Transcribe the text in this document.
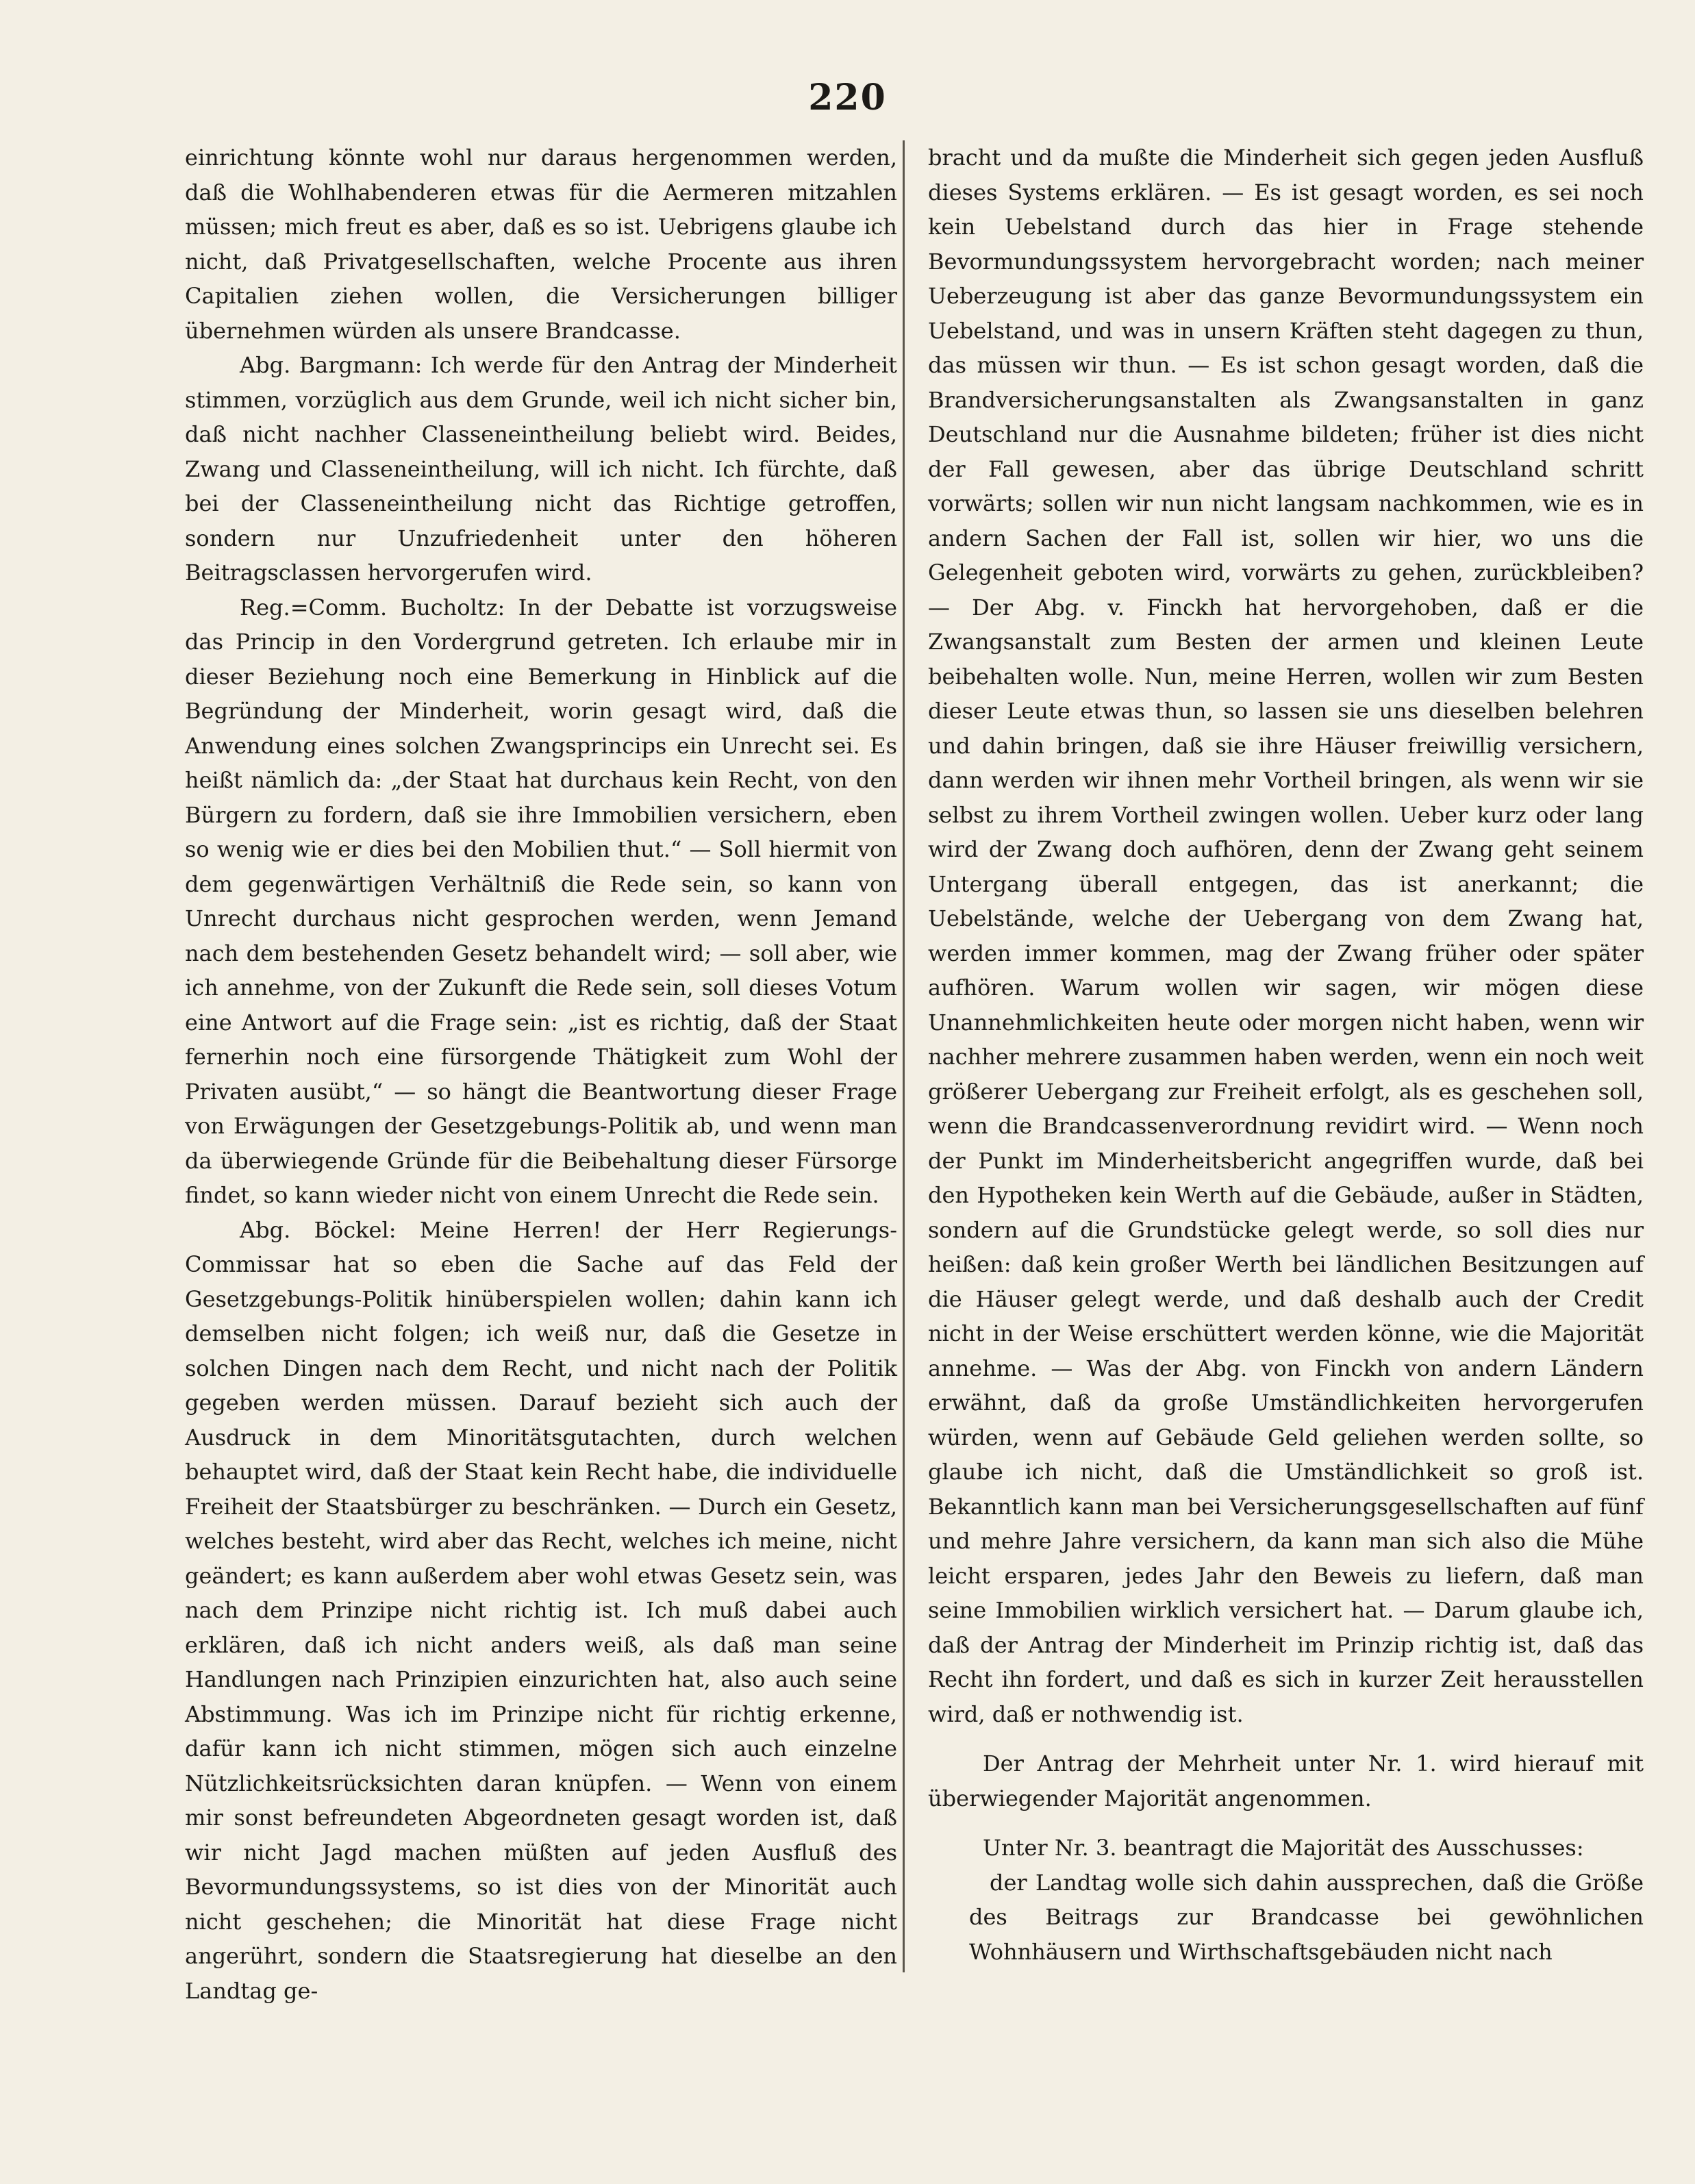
220

einrichtung könnte wohl nur daraus hergenommen werden, daß die Wohlhabenderen etwas für die Aermeren mitzahlen müssen; mich freut es aber, daß es so ist. Uebrigens glaube ich nicht, daß Privatgesellschaften, welche Procente aus ihren Capitalien ziehen wollen, die Versicherungen billiger übernehmen würden als unsere Brandcasse.

Abg. Bargmann: Ich werde für den Antrag der Minderheit stimmen, vorzüglich aus dem Grunde, weil ich nicht sicher bin, daß nicht nachher Classeneintheilung beliebt wird. Beides, Zwang und Classeneintheilung, will ich nicht. Ich fürchte, daß bei der Classeneintheilung nicht das Richtige getroffen, sondern nur Unzufriedenheit unter den höheren Beitragsclassen hervorgerufen wird.

Reg.=Comm. Bucholtz: In der Debatte ist vorzugsweise das Princip in den Vordergrund getreten. Ich erlaube mir in dieser Beziehung noch eine Bemerkung in Hinblick auf die Begründung der Minderheit, worin gesagt wird, daß die Anwendung eines solchen Zwangsprincips ein Unrecht sei. Es heißt nämlich da: „der Staat hat durchaus kein Recht, von den Bürgern zu fordern, daß sie ihre Immobilien versichern, eben so wenig wie er dies bei den Mobilien thut.“ — Soll hiermit von dem gegenwärtigen Verhältniß die Rede sein, so kann von Unrecht durchaus nicht gesprochen werden, wenn Jemand nach dem bestehenden Gesetz behandelt wird; — soll aber, wie ich annehme, von der Zukunft die Rede sein, soll dieses Votum eine Antwort auf die Frage sein: „ist es richtig, daß der Staat fernerhin noch eine fürsorgende Thätigkeit zum Wohl der Privaten ausübt,“ — so hängt die Beantwortung dieser Frage von Erwägungen der Gesetzgebungs-Politik ab, und wenn man da überwiegende Gründe für die Beibehaltung dieser Fürsorge findet, so kann wieder nicht von einem Unrecht die Rede sein.

Abg. Böckel: Meine Herren! der Herr Regierungs-Commissar hat so eben die Sache auf das Feld der Gesetzgebungs-Politik hinüberspielen wollen; dahin kann ich demselben nicht folgen; ich weiß nur, daß die Gesetze in solchen Dingen nach dem Recht, und nicht nach der Politik gegeben werden müssen. Darauf bezieht sich auch der Ausdruck in dem Minoritätsgutachten, durch welchen behauptet wird, daß der Staat kein Recht habe, die individuelle Freiheit der Staatsbürger zu beschränken. — Durch ein Gesetz, welches besteht, wird aber das Recht, welches ich meine, nicht geändert; es kann außerdem aber wohl etwas Gesetz sein, was nach dem Prinzipe nicht richtig ist. Ich muß dabei auch erklären, daß ich nicht anders weiß, als daß man seine Handlungen nach Prinzipien einzurichten hat, also auch seine Abstimmung. Was ich im Prinzipe nicht für richtig erkenne, dafür kann ich nicht stimmen, mögen sich auch einzelne Nützlichkeitsrücksichten daran knüpfen. — Wenn von einem mir sonst befreundeten Abgeordneten gesagt worden ist, daß wir nicht Jagd machen müßten auf jeden Ausfluß des Bevormundungssystems, so ist dies von der Minorität auch nicht geschehen; die Minorität hat diese Frage nicht angerührt, sondern die Staatsregierung hat dieselbe an den Landtag ge-

bracht und da mußte die Minderheit sich gegen jeden Ausfluß dieses Systems erklären. — Es ist gesagt worden, es sei noch kein Uebelstand durch das hier in Frage stehende Bevormundungssystem hervorgebracht worden; nach meiner Ueberzeugung ist aber das ganze Bevormundungssystem ein Uebelstand, und was in unsern Kräften steht dagegen zu thun, das müssen wir thun. — Es ist schon gesagt worden, daß die Brandversicherungsanstalten als Zwangsanstalten in ganz Deutschland nur die Ausnahme bildeten; früher ist dies nicht der Fall gewesen, aber das übrige Deutschland schritt vorwärts; sollen wir nun nicht langsam nachkommen, wie es in andern Sachen der Fall ist, sollen wir hier, wo uns die Gelegenheit geboten wird, vorwärts zu gehen, zurückbleiben? — Der Abg. v. Finckh hat hervorgehoben, daß er die Zwangsanstalt zum Besten der armen und kleinen Leute beibehalten wolle. Nun, meine Herren, wollen wir zum Besten dieser Leute etwas thun, so lassen sie uns dieselben belehren und dahin bringen, daß sie ihre Häuser freiwillig versichern, dann werden wir ihnen mehr Vortheil bringen, als wenn wir sie selbst zu ihrem Vortheil zwingen wollen. Ueber kurz oder lang wird der Zwang doch aufhören, denn der Zwang geht seinem Untergang überall entgegen, das ist anerkannt; die Uebelstände, welche der Uebergang von dem Zwang hat, werden immer kommen, mag der Zwang früher oder später aufhören. Warum wollen wir sagen, wir mögen diese Unannehmlichkeiten heute oder morgen nicht haben, wenn wir nachher mehrere zusammen haben werden, wenn ein noch weit größerer Uebergang zur Freiheit erfolgt, als es geschehen soll, wenn die Brandcassenverordnung revidirt wird. — Wenn noch der Punkt im Minderheitsbericht angegriffen wurde, daß bei den Hypotheken kein Werth auf die Gebäude, außer in Städten, sondern auf die Grundstücke gelegt werde, so soll dies nur heißen: daß kein großer Werth bei ländlichen Besitzungen auf die Häuser gelegt werde, und daß deshalb auch der Credit nicht in der Weise erschüttert werden könne, wie die Majorität annehme. — Was der Abg. von Finckh von andern Ländern erwähnt, daß da große Umständlichkeiten hervorgerufen würden, wenn auf Gebäude Geld geliehen werden sollte, so glaube ich nicht, daß die Umständlichkeit so groß ist. Bekanntlich kann man bei Versicherungsgesellschaften auf fünf und mehre Jahre versichern, da kann man sich also die Mühe leicht ersparen, jedes Jahr den Beweis zu liefern, daß man seine Immobilien wirklich versichert hat. — Darum glaube ich, daß der Antrag der Minderheit im Prinzip richtig ist, daß das Recht ihn fordert, und daß es sich in kurzer Zeit herausstellen wird, daß er nothwendig ist.

Der Antrag der Mehrheit unter Nr. 1. wird hierauf mit überwiegender Majorität angenommen.

Unter Nr. 3. beantragt die Majorität des Ausschusses:

der Landtag wolle sich dahin aussprechen, daß die Größe des Beitrags zur Brandcasse bei gewöhnlichen Wohnhäusern und Wirthschaftsgebäuden nicht nach
